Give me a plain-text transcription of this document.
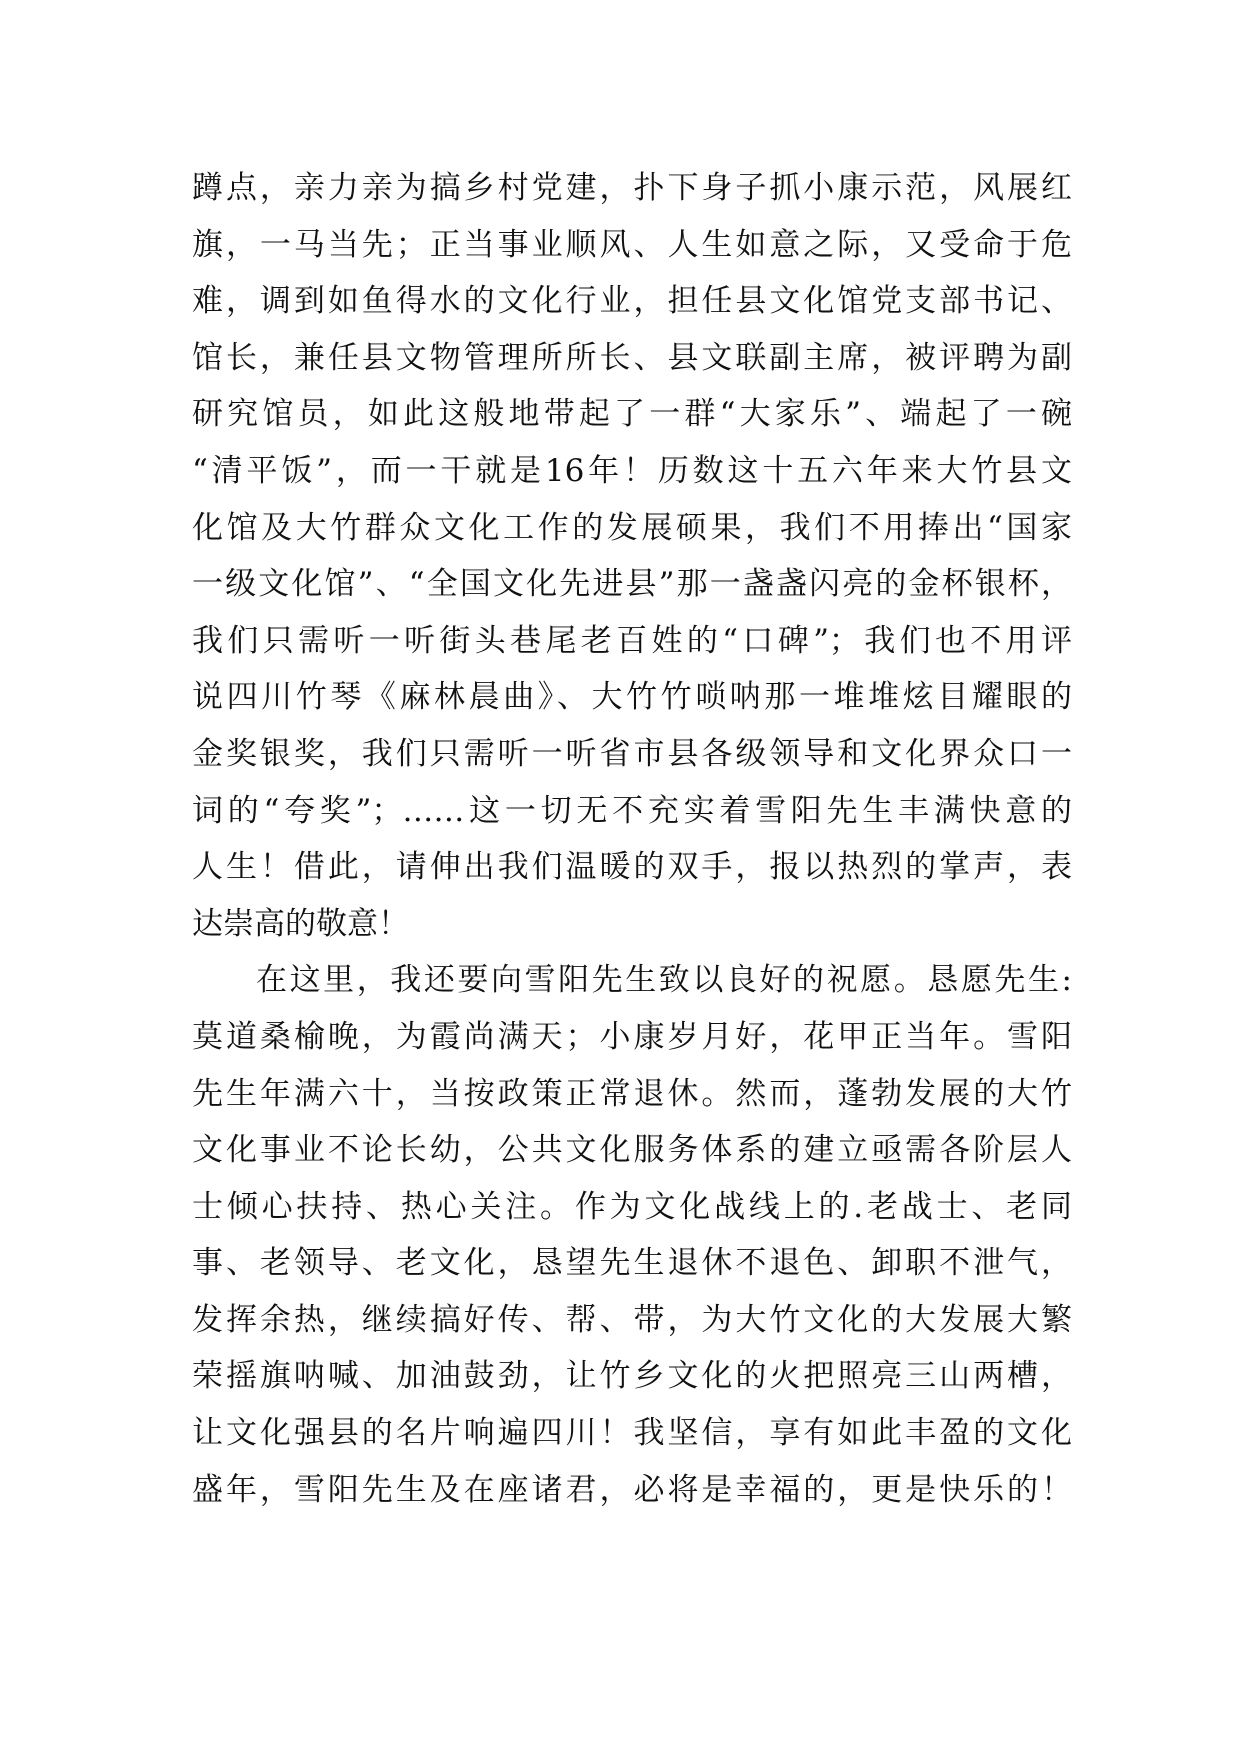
蹲点，亲力亲为搞乡村党建，扑下身子抓小康示范，风展红
旗，一马当先；正当事业顺风、人生如意之际，又受命于危
难，调到如鱼得水的文化行业，担任县文化馆党支部书记、
馆长，兼任县文物管理所所长、县文联副主席，被评聘为副
研究馆员，如此这般地带起了一群“大家乐”、端起了一碗
“清平饭”，而一干就是16年！历数这十五六年来大竹县文
化馆及大竹群众文化工作的发展硕果，我们不用捧出“国家
一级文化馆”、“全国文化先进县”那一盏盏闪亮的金杯银杯，
我们只需听一听街头巷尾老百姓的“口碑”；我们也不用评
说四川竹琴《麻林晨曲》、大竹竹唢呐那一堆堆炫目耀眼的
金奖银奖，我们只需听一听省市县各级领导和文化界众口一
词的“夸奖”；……这一切无不充实着雪阳先生丰满快意的
人生！借此，请伸出我们温暖的双手，报以热烈的掌声，表
达崇高的敬意！
在这里，我还要向雪阳先生致以良好的祝愿。恳愿先生:
莫道桑榆晚，为霞尚满天；小康岁月好，花甲正当年。雪阳
先生年满六十，当按政策正常退休。然而，蓬勃发展的大竹
文化事业不论长幼，公共文化服务体系的建立亟需各阶层人
士倾心扶持、热心关注。作为文化战线上的.老战士、老同
事、老领导、老文化，恳望先生退休不退色、卸职不泄气，
发挥余热，继续搞好传、帮、带，为大竹文化的大发展大繁
荣摇旗呐喊、加油鼓劲，让竹乡文化的火把照亮三山两槽，
让文化强县的名片响遍四川！我坚信，享有如此丰盈的文化
盛年，雪阳先生及在座诸君，必将是幸福的，更是快乐的！
